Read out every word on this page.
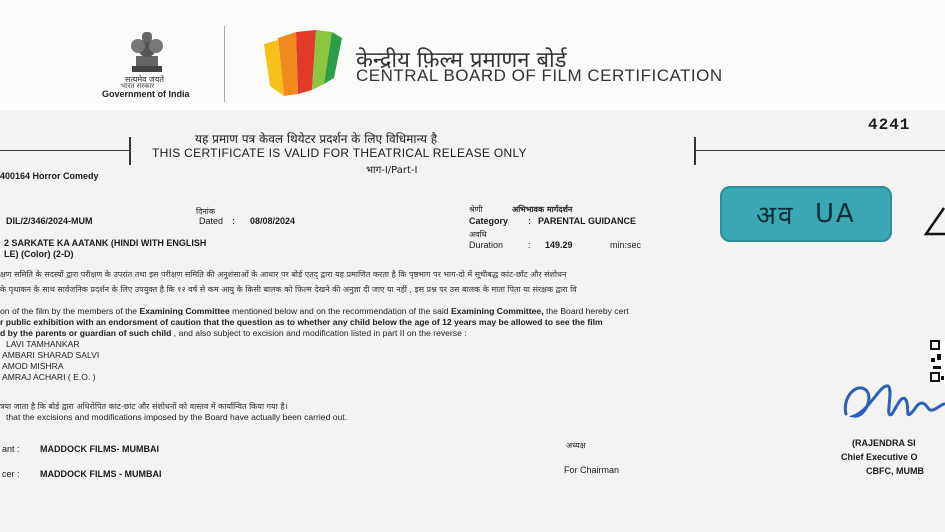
सत्यमेव जयते
भारत सरकार
Government of India
केन्द्रीय फ़िल्म प्रमाणन बोर्ड
CENTRAL BOARD OF FILM CERTIFICATION
4241
यह प्रमाण पत्र केवल थियेटर प्रदर्शन के लिए विधिमान्य है
THIS CERTIFICATE IS VALID FOR THEATRICAL RELEASE ONLY
भाग-I/Part-I
400164 Horror Comedy
दिनांक
Dated : 08/08/2024
DIL/2/346/2024-MUM
श्रेणी	अभिभावक मार्गदर्शन
Category : PARENTAL GUIDANCE
अवधि
Duration	: 149.29	min:sec
2 SARKATE KA AATANK (HINDI WITH ENGLISH
LE) (Color) (2-D)
अव
UA
क्षण समिति के सदस्यों द्वारा परीक्षण के उपरांत तथा इस परीक्षण समिति की अनुशंसाओं के आधार पर बोर्ड एतद् द्वारा यह प्रमाणित करता है कि पृष्ठभाग पर भाग-दो में सूचीबद्ध कांट-छाँट और संशोधन
के पृथाकन के साथ सार्वजनिक प्रदर्शन के लिए उपयुक्त है कि १२ वर्ष से कम आयु के किसी बालक को फिल्म देखने की अनुज्ञा दी जाए या नहीं , इस प्रश्न पर उस बालक के माता पिता या संरक्षक द्वारा वि
on of the film by the members of the Examining Committee mentioned below and on the recommendation of the said Examining Committee, the Board hereby cert
r public exhibition with an endorsment of caution that the question as to whether any child below the age of 12 years may be allowed to see the film
d by the parents or guardian of such child , and also subject to excision and modification listed in part II on the reverse :
LAVI TAMHANKAR
AMBARI SHARAD SALVI
AMOD MISHRA
AMRAJ ACHARI ( E.O. )
त्रया जाता है कि बोर्ड द्वारा अधिरोपित कांट-छांट और संशोधनों को वास्तव में कार्यान्वित किया गया है।
that the excisions and modifications imposed by the Board have actually been carried out.
ant : MADDOCK FILMS- MUMBAI
cer : MADDOCK FILMS - MUMBAI
अध्यक्ष
For Chairman
(RAJENDRA SI
Chief Executive O
CBFC, MUMB
